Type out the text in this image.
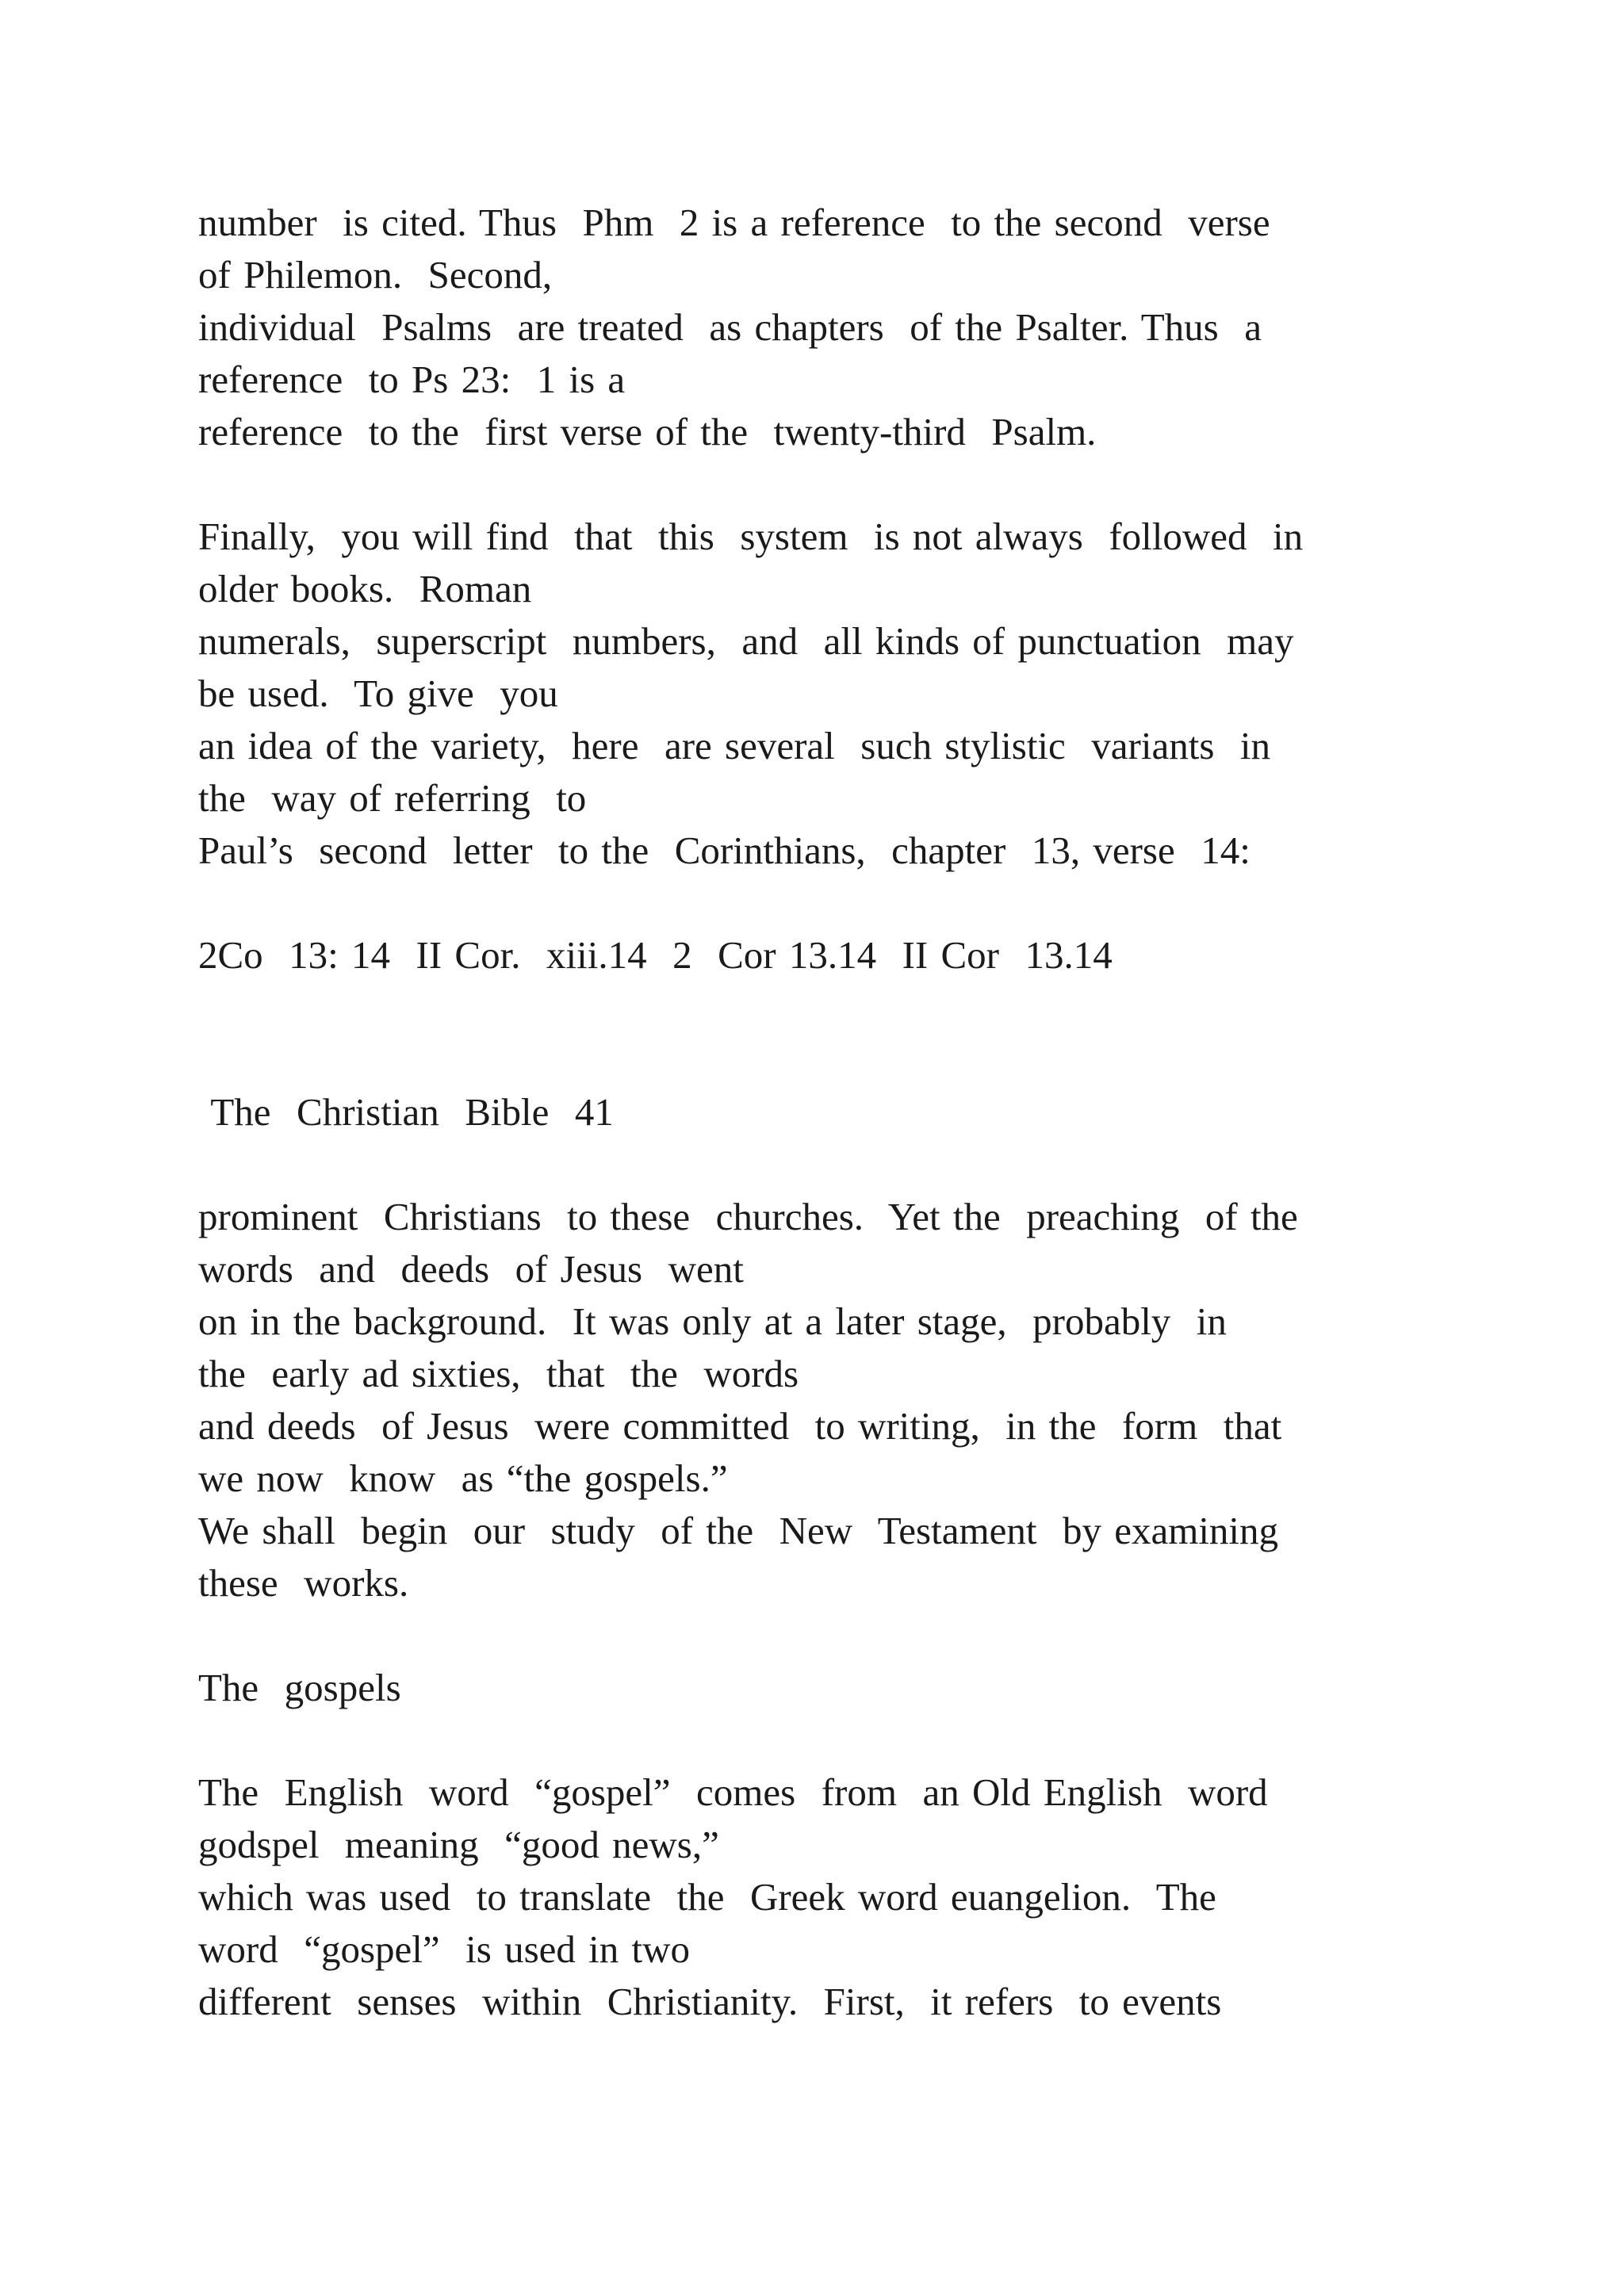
number  is cited. Thus  Phm  2 is a reference  to the second  verse
of Philemon.  Second,
individual  Psalms  are treated  as chapters  of the Psalter. Thus  a
reference  to Ps 23:  1 is a
reference  to the  first verse of the  twenty-third  Psalm.
Finally,  you will find  that  this  system  is not always  followed  in
older books.  Roman
numerals,  superscript  numbers,  and  all kinds of punctuation  may
be used.  To give  you
an idea of the variety,  here  are several  such stylistic  variants  in
the  way of referring  to
Paul’s  second  letter  to the  Corinthians,  chapter  13, verse  14:
2Co  13: 14  II Cor.  xiii.14  2  Cor 13.14  II Cor  13.14
The  Christian  Bible  41
prominent  Christians  to these  churches.  Yet the  preaching  of the
words  and  deeds  of Jesus  went
on in the background.  It was only at a later stage,  probably  in
the  early ad sixties,  that  the  words
and deeds  of Jesus  were committed  to writing,  in the  form  that
we now  know  as “the gospels.”
We shall  begin  our  study  of the  New  Testament  by examining
these  works.
The  gospels
The  English  word  “gospel”  comes  from  an Old English  word
godspel  meaning  “good news,”
which was used  to translate  the  Greek word euangelion.  The
word  “gospel”  is used in two
different  senses  within  Christianity.  First,  it refers  to events
